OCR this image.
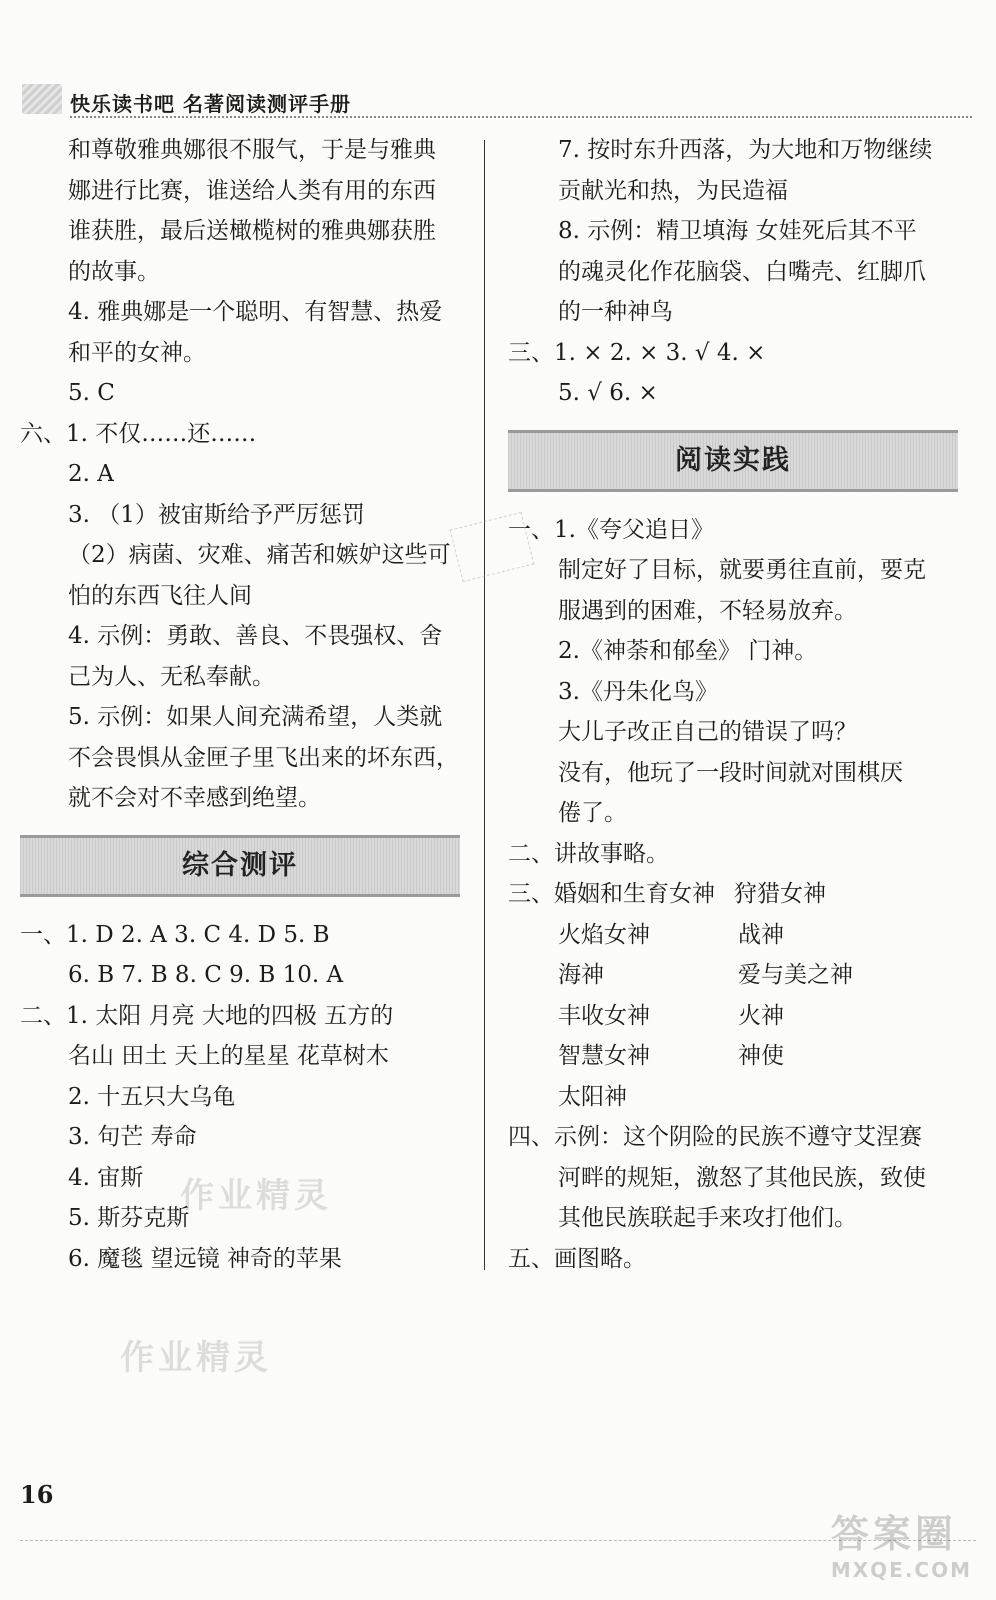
快乐读书吧 名著阅读测评手册
和尊敬雅典娜很不服气，于是与雅典
娜进行比赛，谁送给人类有用的东西
谁获胜，最后送橄榄树的雅典娜获胜
的故事。
4. 雅典娜是一个聪明、有智慧、热爱
和平的女神。
5. C
六、1. 不仅……还……
2. A
3. （1）被宙斯给予严厉惩罚
（2）病菌、灾难、痛苦和嫉妒这些可
怕的东西飞往人间
4. 示例：勇敢、善良、不畏强权、舍
己为人、无私奉献。
5. 示例：如果人间充满希望，人类就
不会畏惧从金匣子里飞出来的坏东西，
就不会对不幸感到绝望。
综合测评
一、1. D 2. A 3. C 4. D 5. B
6. B 7. B 8. C 9. B 10. A
二、1. 太阳 月亮 大地的四极 五方的
名山 田土 天上的星星 花草树木
2. 十五只大乌龟
3. 句芒 寿命
4. 宙斯
5. 斯芬克斯
6. 魔毯 望远镜 神奇的苹果
7. 按时东升西落，为大地和万物继续
贡献光和热，为民造福
8. 示例：精卫填海 女娃死后其不平
的魂灵化作花脑袋、白嘴壳、红脚爪
的一种神鸟
三、1. × 2. × 3. √ 4. ×
5. √ 6. ×
阅读实践
一、1.《夸父追日》
制定好了目标，就要勇往直前，要克
服遇到的困难，不轻易放弃。
2.《神荼和郁垒》 门神。
3.《丹朱化鸟》
大儿子改正自己的错误了吗？
没有，他玩了一段时间就对围棋厌
倦了。
二、讲故事略。
三、婚姻和生育女神 狩猎女神
火焰女神	战神
海神	爱与美之神
丰收女神	火神
智慧女神	神使
太阳神
四、示例：这个阴险的民族不遵守艾涅赛
河畔的规矩，激怒了其他民族，致使
其他民族联起手来攻打他们。
五、画图略。
作业精灵
作业精灵
16
答案圈
MXQE.COM
